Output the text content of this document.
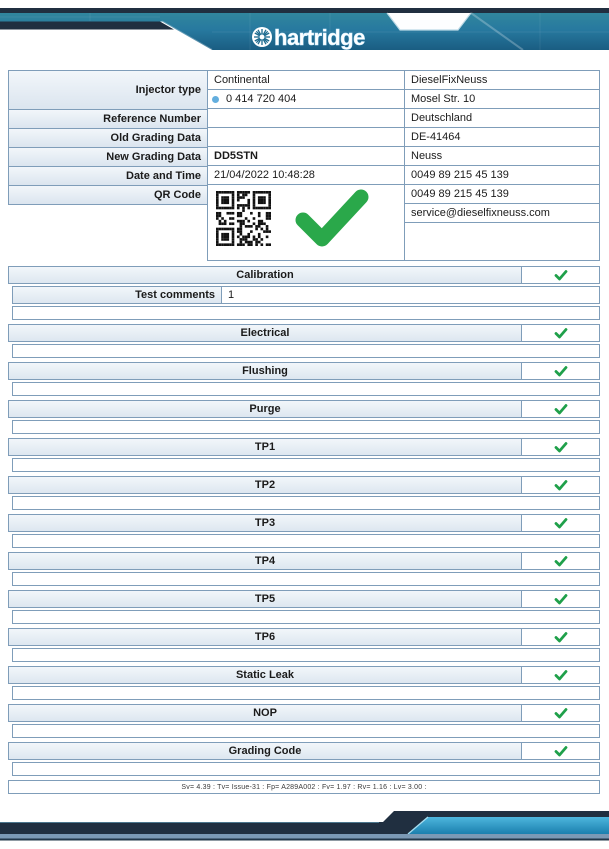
hartridge
Injector type
Reference Number
Old Grading Data
New Grading Data
Date and Time
QR Code
Continental
0 414 720 404
DD5STN
21/04/2022 10:48:28
DieselFixNeuss
Mosel Str. 10
Deutschland
DE-41464
Neuss
0049 89 215 45 139
0049 89 215 45 139
service@dieselfixneuss.com
Calibration
Test comments	1
Electrical
Flushing
Purge
TP1
TP2
TP3
TP4
TP5
TP6
Static Leak
NOP
Grading Code
Sv= 4.39 : Tv= Issue-31 : Fp= A289A002 : Fv= 1.97 : Rv= 1.16 : Lv= 3.00 :
